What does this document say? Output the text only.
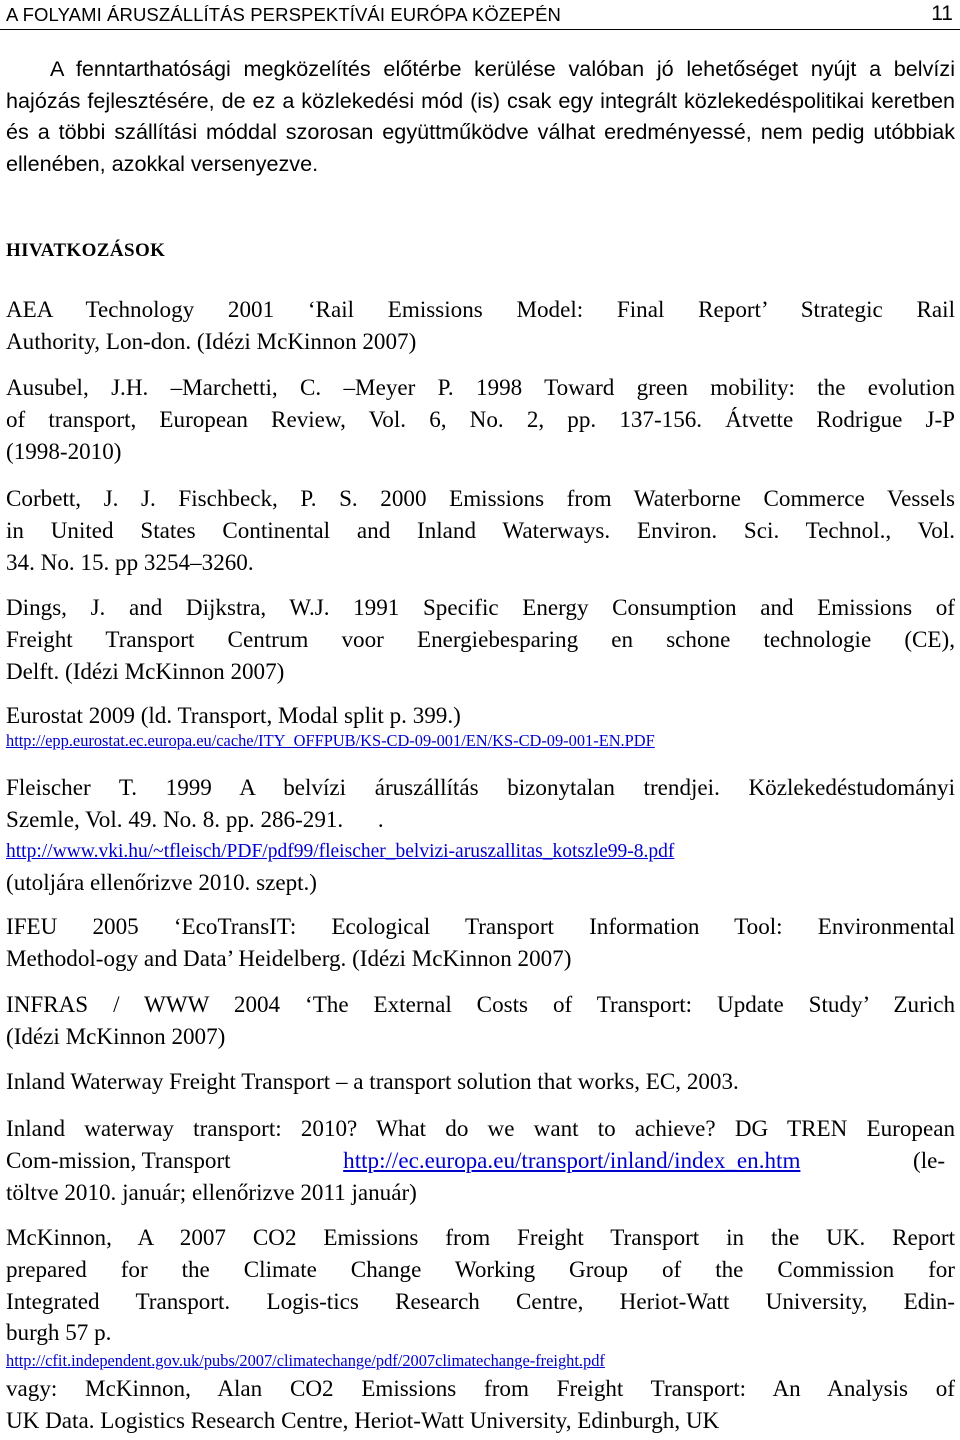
A FOLYAMI ÁRUSZÁLLÍTÁS PERSPEKTÍVÁI EURÓPA KÖZEPÉN	11

A fenntarthatósági megközelítés előtérbe kerülése valóban jó lehetőséget nyújt a belvízi hajózás fejlesztésére, de ez a közlekedési mód (is) csak egy integrált közlekedéspolitikai keretben és a többi szállítási móddal szorosan együttműködve válhat eredményessé, nem pedig utóbbiak ellenében, azokkal versenyezve.

HIVATKOZÁSOK
AEA Technology 2001 ‘Rail Emissions Model: Final Report’ Strategic Rail
Authority, Lon-don. (Idézi McKinnon 2007)
Ausubel, J.H. –Marchetti, C. –Meyer P. 1998 Toward green mobility: the evolution
of transport, European Review, Vol. 6, No. 2, pp. 137-156. Átvette Rodrigue J-P
(1998-2010)
Corbett, J. J. Fischbeck, P. S. 2000 Emissions from Waterborne Commerce Vessels
in United States Continental and Inland Waterways. Environ. Sci. Technol., Vol.
34. No. 15. pp 3254–3260.
Dings, J. and Dijkstra, W.J. 1991 Specific Energy Consumption and Emissions of
Freight Transport Centrum voor Energiebesparing en schone technologie (CE),
Delft. (Idézi McKinnon 2007)
Eurostat 2009 (ld. Transport, Modal split p. 399.)
http://epp.eurostat.ec.europa.eu/cache/ITY_OFFPUB/KS-CD-09-001/EN/KS-CD-09-001-EN.PDF
Fleischer T. 1999 A belvízi áruszállítás bizonytalan trendjei. Közlekedéstudományi
Szemle, Vol. 49. No. 8. pp. 286-291.      .
http://www.vki.hu/~tfleisch/PDF/pdf99/fleischer_belvizi-aruszallitas_kotszle99-8.pdf
(utoljára ellenőrizve 2010. szept.)
IFEU 2005 ‘EcoTransIT: Ecological Transport Information Tool: Environmental
Methodol-ogy and Data’ Heidelberg. (Idézi McKinnon 2007)
INFRAS / WWW 2004 ‘The External Costs of Transport: Update Study’ Zurich
(Idézi McKinnon 2007)
Inland Waterway Freight Transport – a transport solution that works, EC, 2003.
Inland waterway transport: 2010? What do we want to achieve? DG TREN European
Com-mission, Transport	http://ec.europa.eu/transport/inland/index_en.htm	(le-
töltve 2010. január; ellenőrizve 2011 január)
McKinnon, A 2007 CO2 Emissions from Freight Transport in the UK. Report
prepared for the Climate Change Working Group of the Commission for
Integrated Transport. Logis-tics Research Centre, Heriot-Watt University, Edin-
burgh 57 p.
http://cfit.independent.gov.uk/pubs/2007/climatechange/pdf/2007climatechange-freight.pdf
vagy: McKinnon, Alan CO2 Emissions from Freight Transport: An Analysis of
UK Data. Logistics Research Centre, Heriot-Watt University, Edinburgh, UK
